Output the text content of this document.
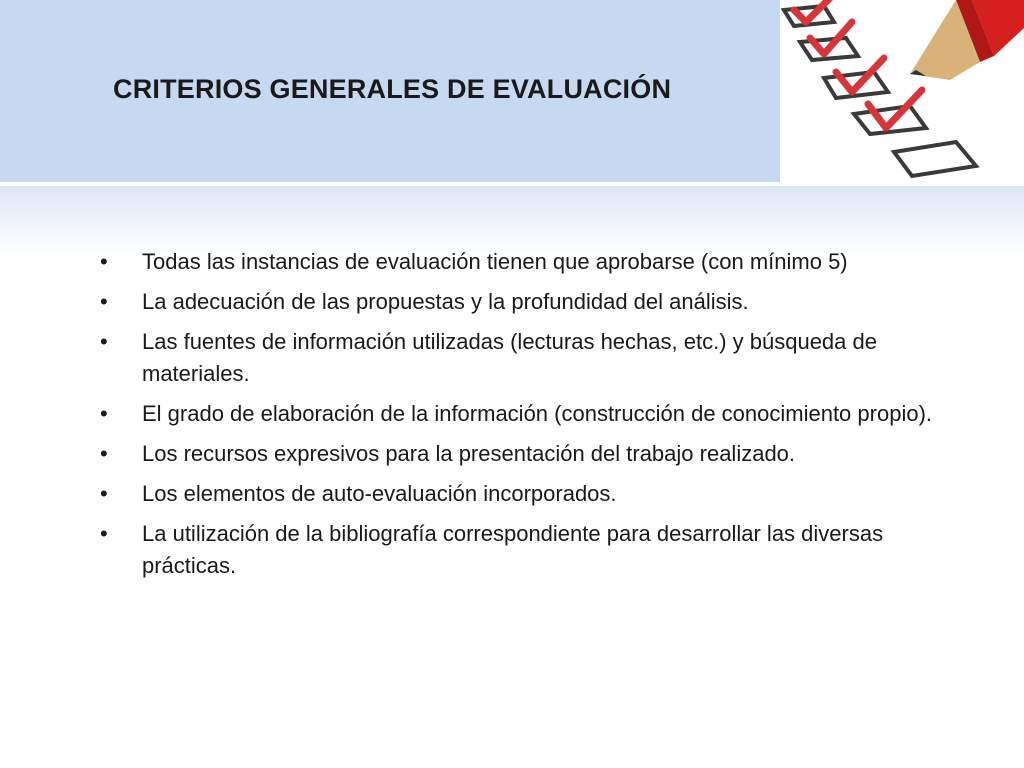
CRITERIOS GENERALES DE EVALUACIÓN
•	Todas las instancias de evaluación tienen que aprobarse (con mínimo 5)
•	La adecuación de las propuestas y la profundidad del análisis.
•	Las fuentes de información utilizadas (lecturas hechas, etc.) y búsqueda de materiales.
•	El grado de elaboración de la información (construcción de conocimiento propio).
•	Los recursos expresivos para la presentación del trabajo realizado.
•	Los elementos de auto-evaluación incorporados.
•	La utilización de la bibliografía correspondiente para desarrollar las diversas prácticas.
